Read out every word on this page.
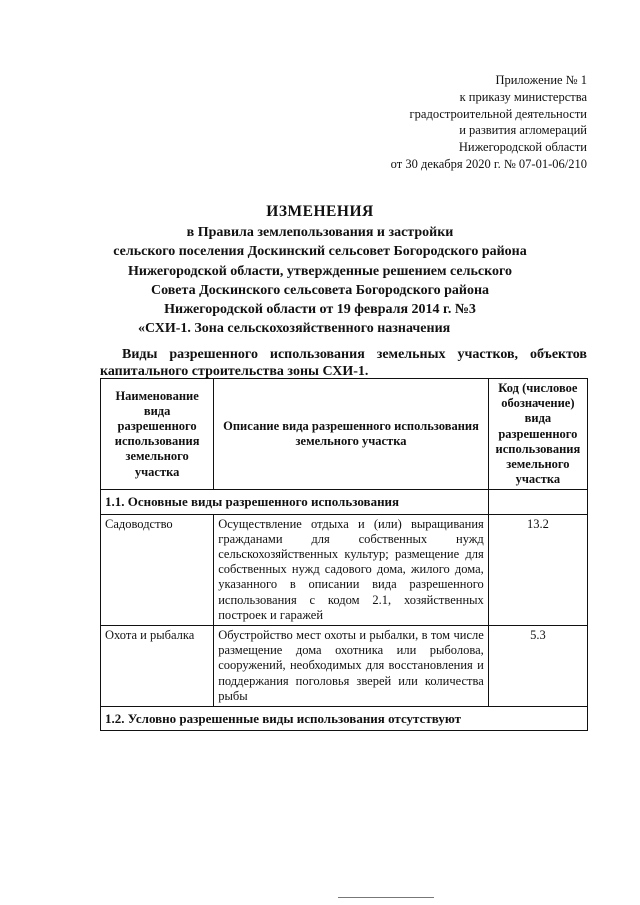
Приложение № 1
к приказу министерства
градостроительной деятельности
и развития агломераций
Нижегородской области
от 30 декабря 2020 г. № 07-01-06/210
ИЗМЕНЕНИЯ
в Правила землепользования и застройки
сельского поселения Доскинский сельсовет Богородского района
Нижегородской области, утвержденные решением сельского
Совета Доскинского сельсовета Богородского района
Нижегородской области от 19 февраля 2014 г. №3
«СХИ-1. Зона сельскохозяйственного назначения
Виды разрешенного использования земельных участков, объектов капитального строительства зоны СХИ-1.
Наименование вида разрешенного использования земельного участка	Описание вида разрешенного использования земельного участка	Код (числовое обозначение) вида разрешенного использования земельного участка
1.1. Основные виды разрешенного использования		
Садоводство	Осуществление отдыха и (или) выращивания гражданами для собственных нужд сельскохозяйственных культур; размещение для собственных нужд садового дома, жилого дома, указанного в описании вида разрешенного использования с кодом 2.1, хозяйственных построек и гаражей	13.2
Охота и рыбалка	Обустройство мест охоты и рыбалки, в том числе размещение дома охотника или рыболова, сооружений, необходимых для восстановления и поддержания поголовья зверей или количества рыбы	5.3
1.2. Условно разрешенные виды использования отсутствуют		
